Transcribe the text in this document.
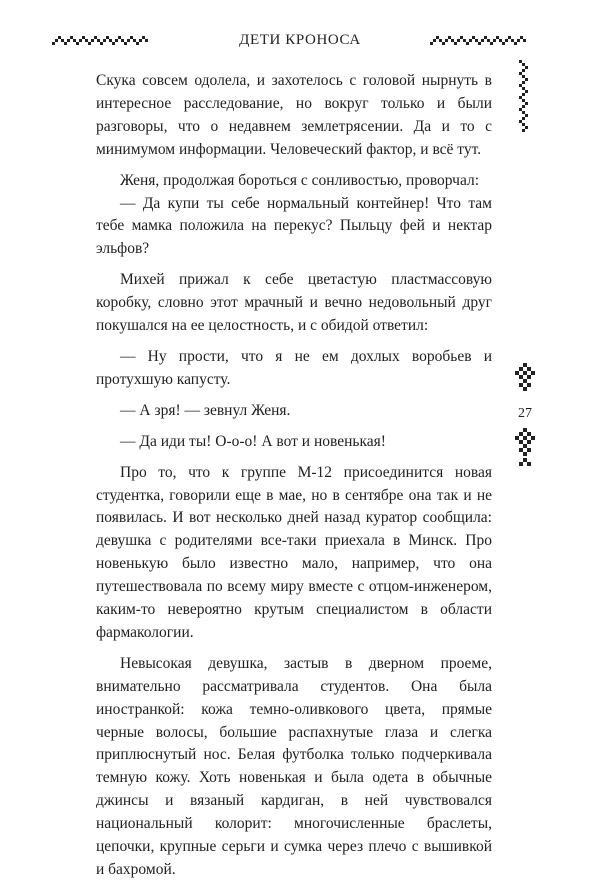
ДЕТИ КРОНОСА
27

Скука совсем одолела, и захотелось с головой нырнуть в интересное расследование, но вокруг только и были разговоры, что о недавнем землетрясении. Да и то с минимумом информации. Человеческий фактор, и всё тут.

Женя, продолжая бороться с сонливостью, проворчал:

— Да купи ты себе нормальный контейнер! Что там тебе мамка положила на перекус? Пыльцу фей и нектар эльфов?

Михей прижал к себе цветастую пластмассовую коробку, словно этот мрачный и вечно недовольный друг покушался на ее целостность, и с обидой ответил:

— Ну прости, что я не ем дохлых воробьев и протухшую капусту.

— А зря! — зевнул Женя.

— Да иди ты! О-о-о! А вот и новенькая!

Про то, что к группе М-12 присоединится новая студентка, говорили еще в мае, но в сентябре она так и не появилась. И вот несколько дней назад куратор сообщила: девушка с родителями все-таки приехала в Минск. Про новенькую было известно мало, например, что она путешествовала по всему миру вместе с отцом-инженером, каким-то невероятно крутым специалистом в области фармакологии.

Невысокая девушка, застыв в дверном проеме, внимательно рассматривала студентов. Она была иностранкой: кожа темно-оливкового цвета, прямые черные волосы, большие распахнутые глаза и слегка приплюснутый нос. Белая футболка только подчеркивала темную кожу. Хоть новенькая и была одета в обычные джинсы и вязаный кардиган, в ней чувствовался национальный колорит: многочисленные браслеты, цепочки, крупные серьги и сумка через плечо с вышивкой и бахромой.
